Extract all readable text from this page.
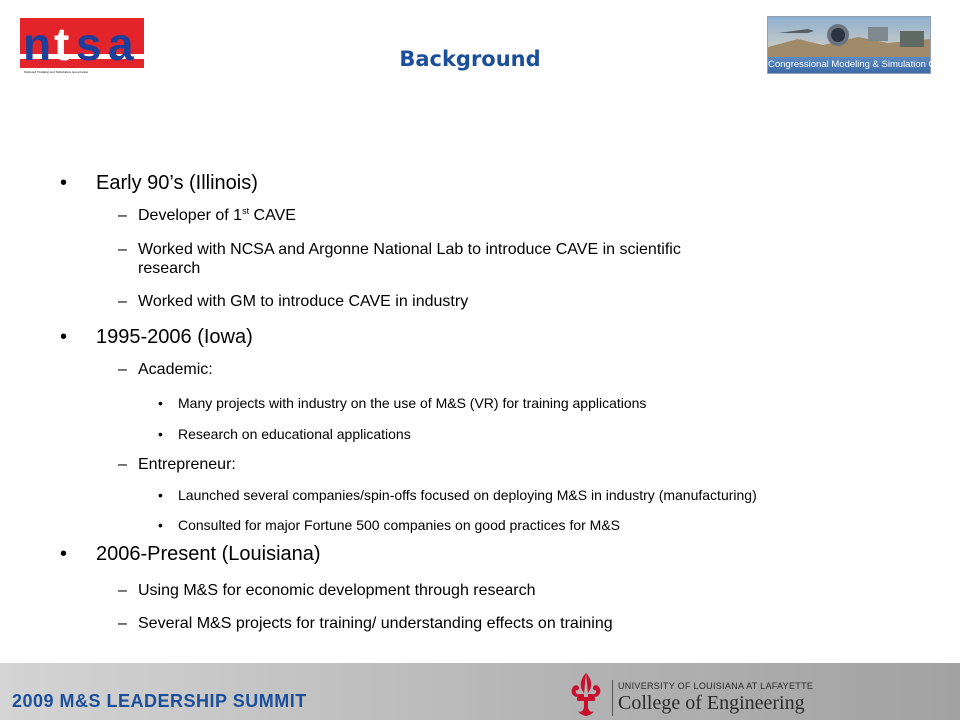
n t s a
National Training and Simulation Association
Background	Congressional Modeling & Simulation Caucus
• Early 90’s (Illinois)
– Developer of 1st CAVE
– Worked with NCSA and Argonne National Lab to introduce CAVE in scientific
research
– Worked with GM to introduce CAVE in industry
• 1995-2006 (Iowa)
– Academic:
• Many projects with industry on the use of M&S (VR) for training applications
• Research on educational applications
– Entrepreneur:
• Launched several companies/spin-offs focused on deploying M&S in industry (manufacturing)
• Consulted for major Fortune 500 companies on good practices for M&S
• 2006-Present (Louisiana)
– Using M&S for economic development through research
– Several M&S projects for training/ understanding effects on training
2009 M&S LEADERSHIP SUMMIT
UNIVERSITY OF LOUISIANA AT LAFAYETTE
College of Engineering
